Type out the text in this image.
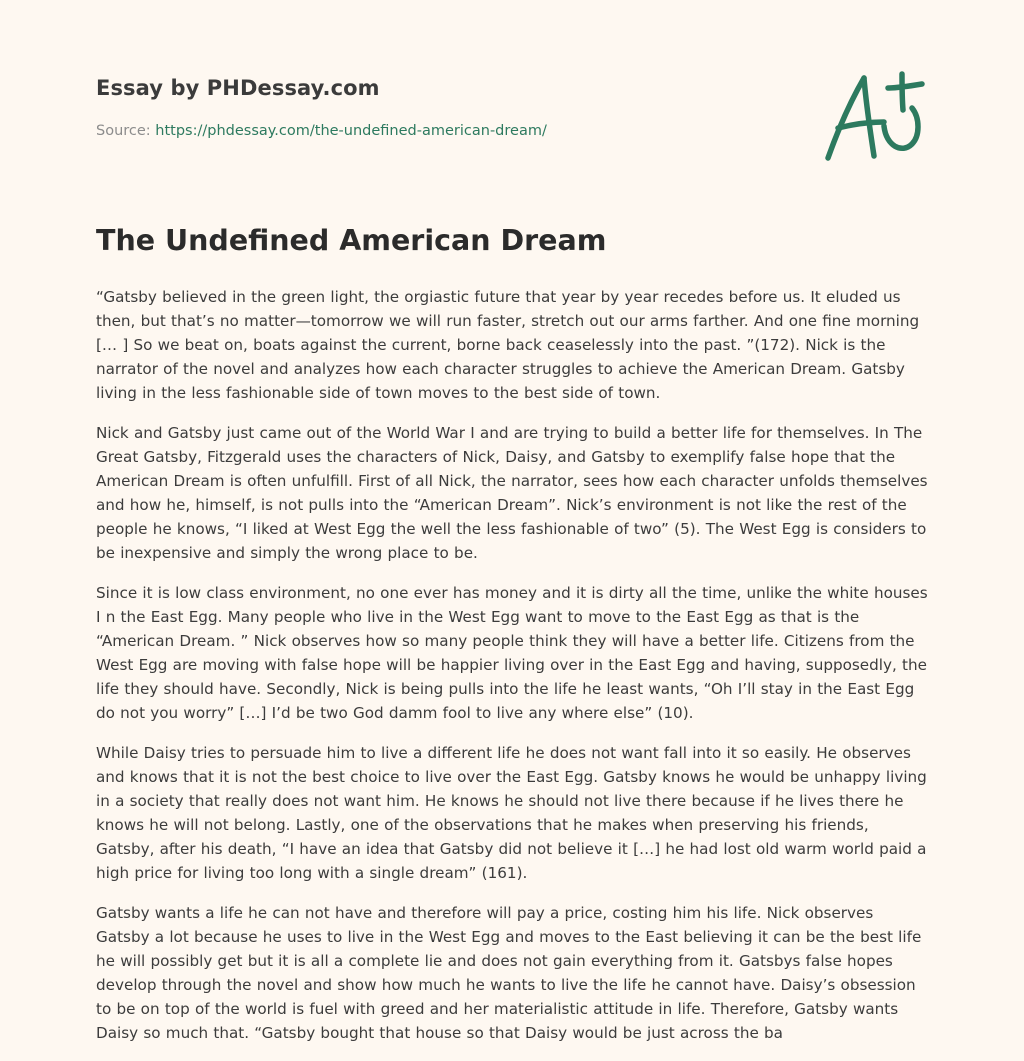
Essay by PHDessay.com
Source: https://phdessay.com/the-undefined-american-dream/
The Undefined American Dream

“Gatsby believed in the green light, the orgiastic future that year by year recedes before us. It eluded us then, but that’s no matter—tomorrow we will run faster, stretch out our arms farther. And one fine morning [… ] So we beat on, boats against the current, borne back ceaselessly into the past. ”(172). Nick is the narrator of the novel and analyzes how each character struggles to achieve the American Dream. Gatsby living in the less fashionable side of town moves to the best side of town.

Nick and Gatsby just came out of the World War I and are trying to build a better life for themselves. In The Great Gatsby, Fitzgerald uses the characters of Nick, Daisy, and Gatsby to exemplify false hope that the American Dream is often unfulfill. First of all Nick, the narrator, sees how each character unfolds themselves and how he, himself, is not pulls into the “American Dream”. Nick’s environment is not like the rest of the people he knows, “I liked at West Egg the well the less fashionable of two” (5). The West Egg is considers to be inexpensive and simply the wrong place to be.

Since it is low class environment, no one ever has money and it is dirty all the time, unlike the white houses I n the East Egg. Many people who live in the West Egg want to move to the East Egg as that is the “American Dream. ” Nick observes how so many people think they will have a better life. Citizens from the West Egg are moving with false hope will be happier living over in the East Egg and having, supposedly, the life they should have. Secondly, Nick is being pulls into the life he least wants, “Oh I’ll stay in the East Egg do not you worry” […] I’d be two God damm fool to live any where else” (10).

While Daisy tries to persuade him to live a different life he does not want fall into it so easily. He observes and knows that it is not the best choice to live over the East Egg. Gatsby knows he would be unhappy living in a society that really does not want him. He knows he should not live there because if he lives there he knows he will not belong. Lastly, one of the observations that he makes when preserving his friends, Gatsby, after his death, “I have an idea that Gatsby did not believe it […] he had lost old warm world paid a high price for living too long with a single dream” (161).

Gatsby wants a life he can not have and therefore will pay a price, costing him his life. Nick observes Gatsby a lot because he uses to live in the West Egg and moves to the East believing it can be the best life he will possibly get but it is all a complete lie and does not gain everything from it. Gatsbys false hopes develop through the novel and show how much he wants to live the life he cannot have. Daisy’s obsession to be on top of the world is fuel with greed and her materialistic attitude in life. Therefore, Gatsby wants Daisy so much that. “Gatsby bought that house so that Daisy would be just across the ba
